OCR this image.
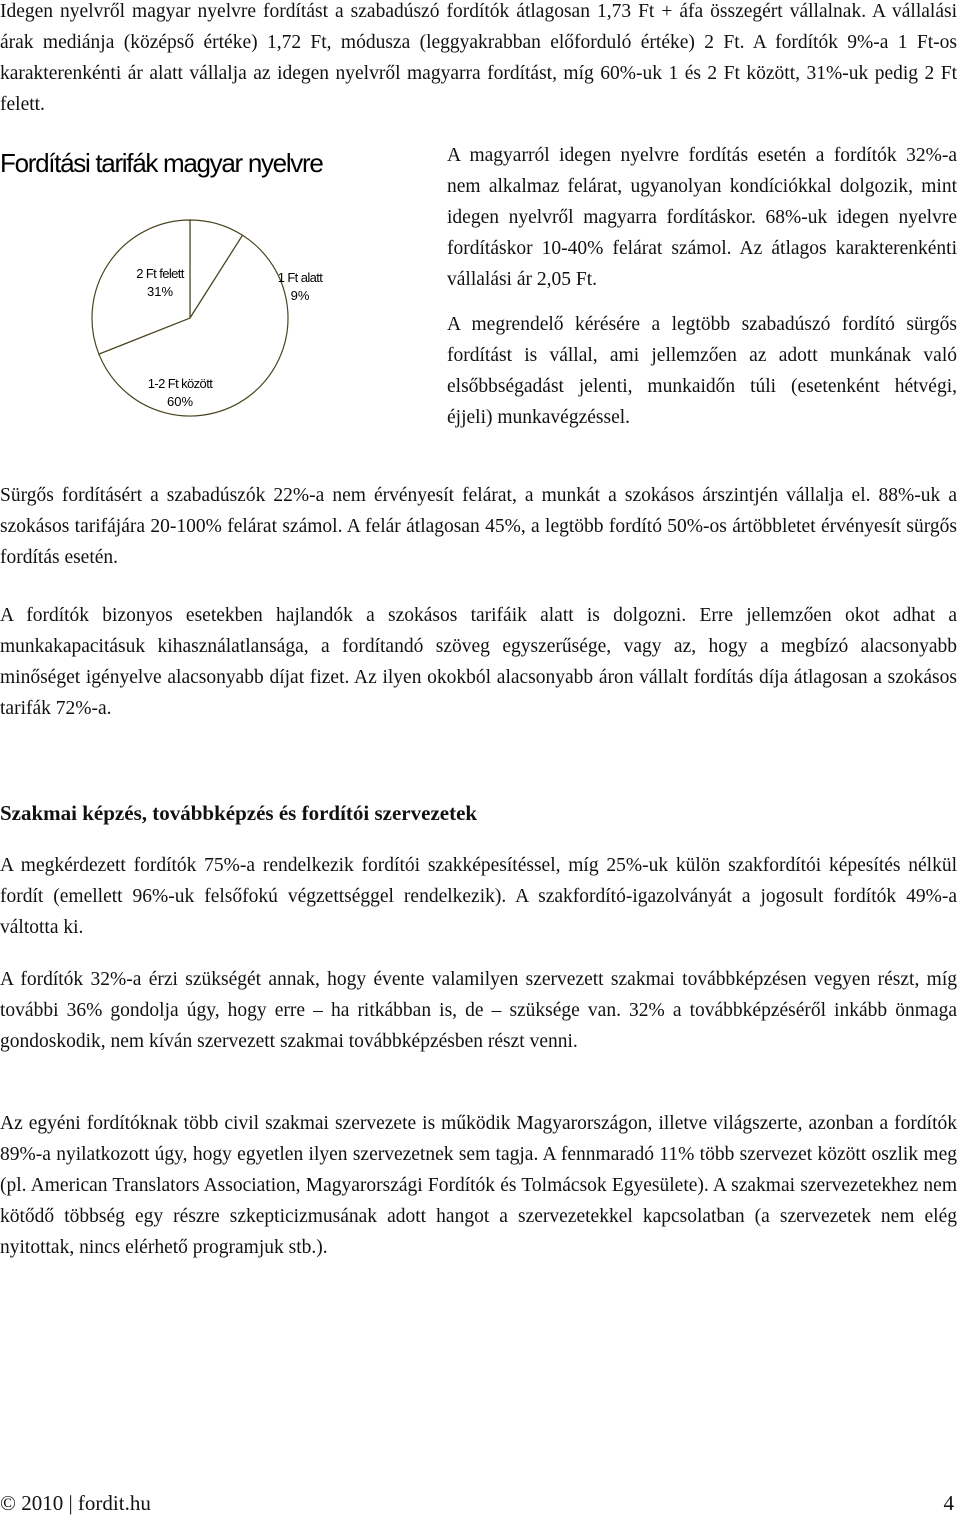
Idegen nyelvről magyar nyelvre fordítást a szabadúszó fordítók átlagosan 1,73 Ft + áfa összegért vállalnak. A vállalási árak mediánja (középső értéke) 1,72 Ft, módusza (leggyakrabban előforduló értéke) 2 Ft. A fordítók 9%-a 1 Ft-os karakterenkénti ár alatt vállalja az idegen nyelvről magyarra fordítást, míg 60%-uk 1 és 2 Ft között, 31%-uk pedig 2 Ft felett.

1 Ft alatt
9%
1-2 Ft között
60%
2 Ft felett
31%
Fordítási tarifák magyar nyelvre	A magyarról idegen nyelvre fordítás esetén a fordítók 32%-a nem alkalmaz felárat, ugyanolyan kondíciókkal dolgozik, mint idegen nyelvről magyarra fordításkor. 68%-uk idegen nyelvre fordításkor 10-40% felárat számol. Az átlagos karakterenkénti vállalási ár 2,05 Ft.

A megrendelő kérésére a legtöbb szabadúszó fordító sürgős fordítást is vállal, ami jellemzően az adott munkának való elsőbbségadást jelenti, munkaidőn túli (esetenként hétvégi, éjjeli) munkavégzéssel.

Sürgős fordításért a szabadúszók 22%-a nem érvényesít felárat, a munkát a szokásos árszintjén vállalja el. 88%-uk a szokásos tarifájára 20-100% felárat számol. A felár átlagosan 45%, a legtöbb fordító 50%-os ártöbbletet érvényesít sürgős fordítás esetén.

A fordítók bizonyos esetekben hajlandók a szokásos tarifáik alatt is dolgozni. Erre jellemzően okot adhat a munkakapacitásuk kihasználatlansága, a fordítandó szöveg egyszerűsége, vagy az, hogy a megbízó alacsonyabb minőséget igényelve alacsonyabb díjat fizet. Az ilyen okokból alacsonyabb áron vállalt fordítás díja átlagosan a szokásos tarifák 72%-a.

Szakmai képzés, továbbképzés és fordítói szervezetek

A megkérdezett fordítók 75%-a rendelkezik fordítói szakképesítéssel, míg 25%-uk külön szakfordítói képesítés nélkül fordít (emellett 96%-uk felsőfokú végzettséggel rendelkezik). A szakfordító-igazolványát a jogosult fordítók 49%-a váltotta ki.

A fordítók 32%-a érzi szükségét annak, hogy évente valamilyen szervezett szakmai továbbképzésen vegyen részt, míg további 36% gondolja úgy, hogy erre – ha ritkábban is, de – szüksége van. 32% a továbbképzéséről inkább önmaga gondoskodik, nem kíván szervezett szakmai továbbképzésben részt venni.

Az egyéni fordítóknak több civil szakmai szervezete is működik Magyarországon, illetve világszerte, azonban a fordítók 89%-a nyilatkozott úgy, hogy egyetlen ilyen szervezetnek sem tagja. A fennmaradó 11% több szervezet között oszlik meg (pl. American Translators Association, Magyarországi Fordítók és Tolmácsok Egyesülete). A szakmai szervezetekhez nem kötődő többség egy részre szkepticizmusának adott hangot a szervezetekkel kapcsolatban (a szervezetek nem elég nyitottak, nincs elérhető programjuk stb.).

© 2010 | fordit.hu	4
